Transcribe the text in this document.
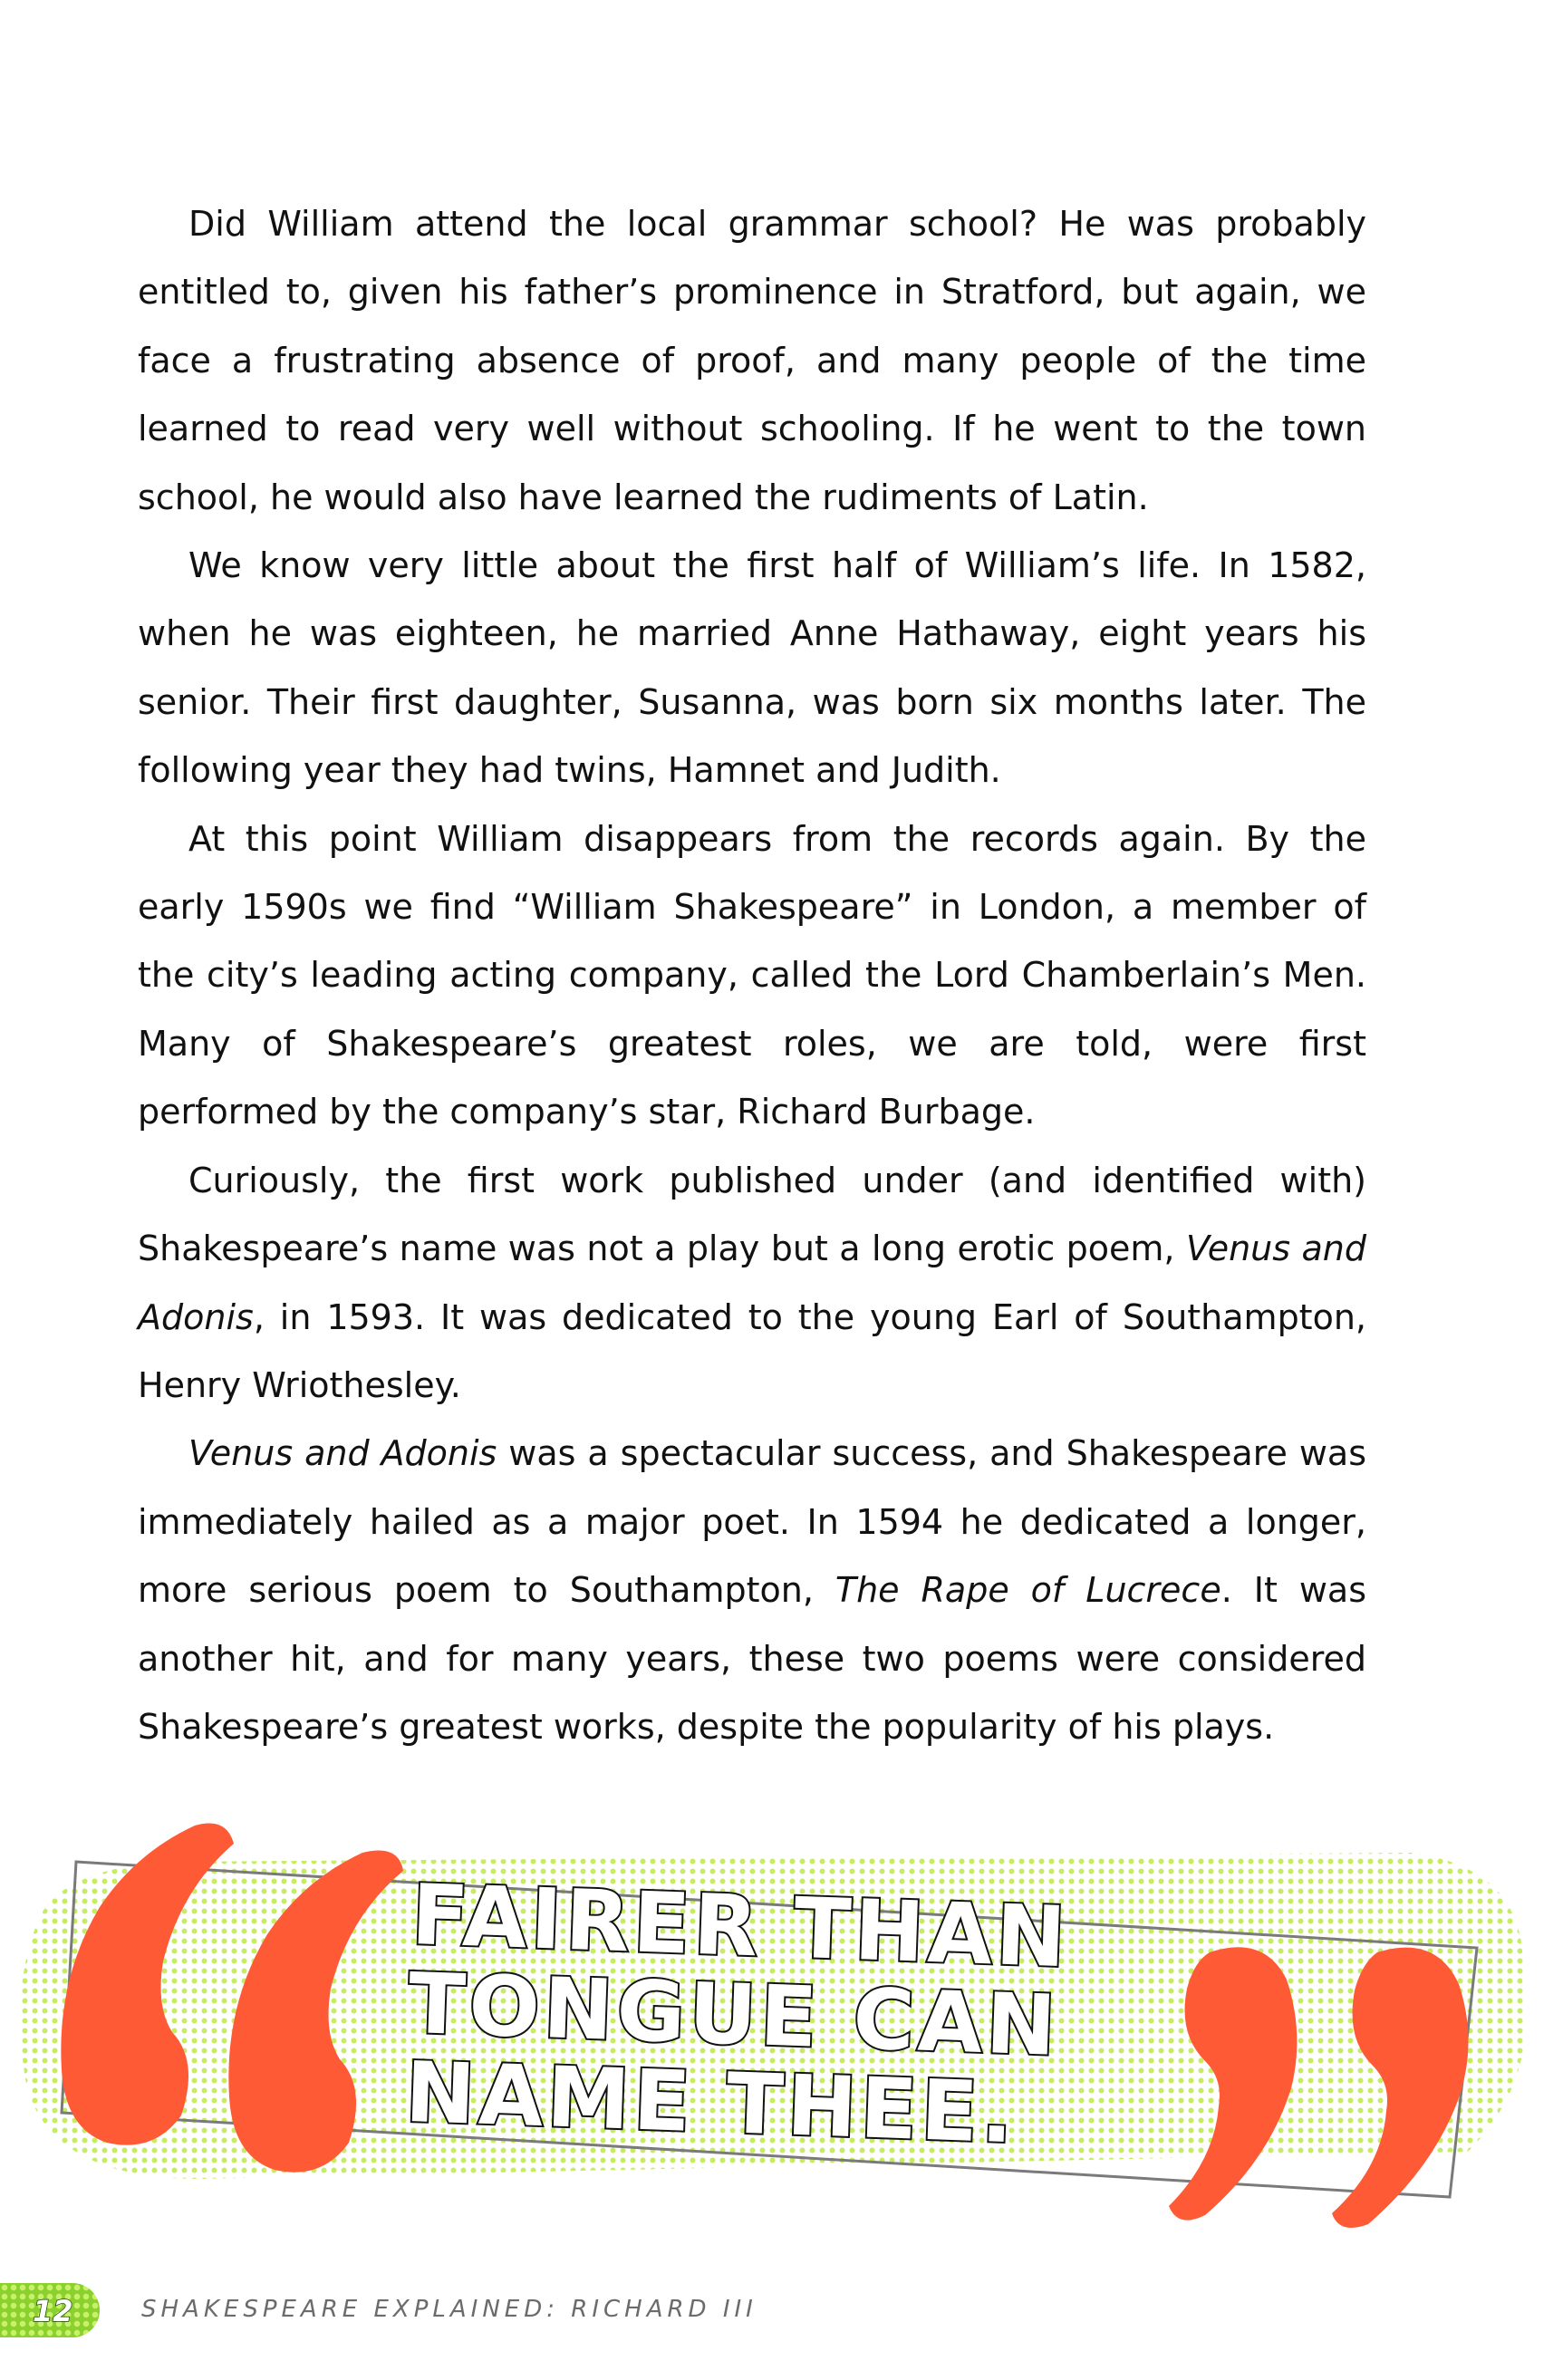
Did William attend the local grammar school? He was probably entitled to, given his father’s prominence in Stratford, but again, we face a frustrating absence of proof, and many people of the time learned to read very well without schooling. If he went to the town school, he would also have learned the rudiments of Latin.

We know very little about the first half of William’s life. In 1582, when he was eighteen, he married Anne Hathaway, eight years his senior. Their first daughter, Susanna, was born six months later. The following year they had twins, Hamnet and Judith.

At this point William disappears from the records again. By the early 1590s we find “William Shakespeare” in London, a member of the city’s leading acting company, called the Lord Chamberlain’s Men. Many of Shakespeare’s greatest roles, we are told, were first performed by the company’s star, Richard Burbage.

Curiously, the first work published under (and identified with) Shakespeare’s name was not a play but a long erotic poem, Venus and Adonis, in 1593. It was dedicated to the young Earl of Southampton, Henry Wriothesley.

Venus and Adonis was a spectacular success, and Shakespeare was immediately hailed as a major poet. In 1594 he dedicated a longer, more serious poem to Southampton, The Rape of Lucrece. It was another hit, and for many years, these two poems were considered Shakespeare’s greatest works, despite the popularity of his plays.

FAIRER THAN
TONGUE CAN
NAME THEE.
12	SHAKESPEARE EXPLAINED: RICHARD III
